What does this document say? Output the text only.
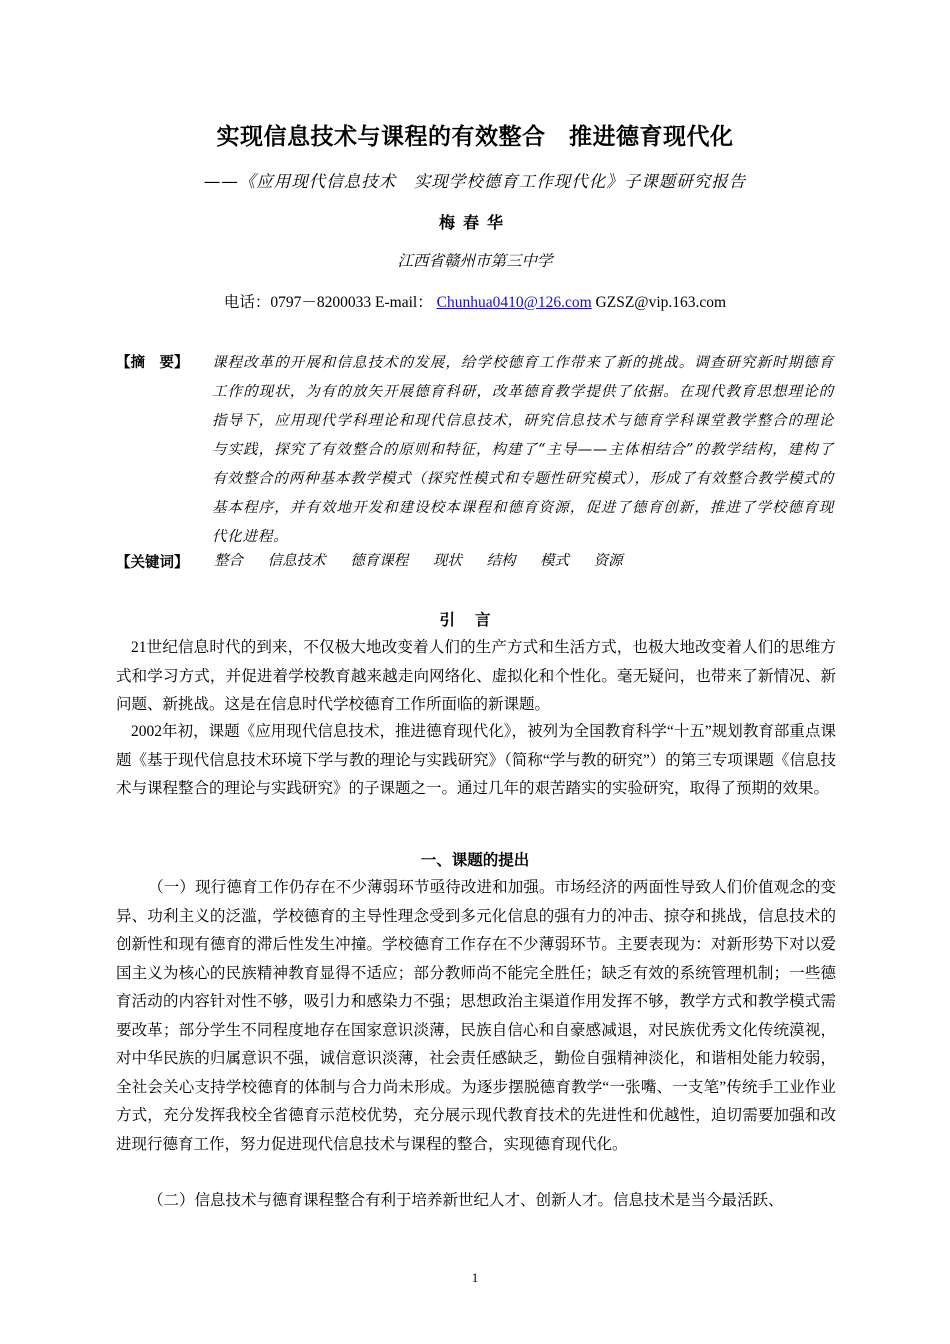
实现信息技术与课程的有效整合　推进德育现代化
——《应用现代信息技术　实现学校德育工作现代化》子课题研究报告
梅春华
江西省赣州市第三中学
电话：0797－8200033 E-mail： Chunhua0410@126.com GZSZ@vip.163.com
【摘　要】 课程改革的开展和信息技术的发展，给学校德育工作带来了新的挑战。调查研究新时期德育工作的现状，为有的放矢开展德育科研，改革德育教学提供了依据。在现代教育思想理论的指导下，应用现代学科理论和现代信息技术，研究信息技术与德育学科课堂教学整合的理论与实践，探究了有效整合的原则和特征，构建了“主导——主体相结合”的教学结构，建构了有效整合的两种基本教学模式（探究性模式和专题性研究模式），形成了有效整合教学模式的基本程序，并有效地开发和建设校本课程和德育资源，促进了德育创新，推进了学校德育现代化进程。
【关键词】 整合 信息技术 德育课程 现状 结构 模式 资源
引言
21世纪信息时代的到来，不仅极大地改变着人们的生产方式和生活方式，也极大地改变着人们的思维方式和学习方式，并促进着学校教育越来越走向网络化、虚拟化和个性化。毫无疑问，也带来了新情况、新问题、新挑战。这是在信息时代学校德育工作所面临的新课题。
2002年初，课题《应用现代信息技术，推进德育现代化》，被列为全国教育科学“十五”规划教育部重点课题《基于现代信息技术环境下学与教的理论与实践研究》（简称“学与教的研究”）的第三专项课题《信息技术与课程整合的理论与实践研究》的子课题之一。通过几年的艰苦踏实的实验研究，取得了预期的效果。
一、课题的提出
（一）现行德育工作仍存在不少薄弱环节亟待改进和加强。市场经济的两面性导致人们价值观念的变异、功利主义的泛滥，学校德育的主导性理念受到多元化信息的强有力的冲击、掠夺和挑战，信息技术的创新性和现有德育的滞后性发生冲撞。学校德育工作存在不少薄弱环节。主要表现为：对新形势下对以爱国主义为核心的民族精神教育显得不适应；部分教师尚不能完全胜任；缺乏有效的系统管理机制；一些德育活动的内容针对性不够，吸引力和感染力不强；思想政治主渠道作用发挥不够，教学方式和教学模式需要改革；部分学生不同程度地存在国家意识淡薄，民族自信心和自豪感减退，对民族优秀文化传统漠视，对中华民族的归属意识不强，诚信意识淡薄，社会责任感缺乏，勤俭自强精神淡化，和谐相处能力较弱，全社会关心支持学校德育的体制与合力尚未形成。为逐步摆脱德育教学“一张嘴、一支笔”传统手工业作业方式，充分发挥我校全省德育示范校优势，充分展示现代教育技术的先进性和优越性，迫切需要加强和改进现行德育工作，努力促进现代信息技术与课程的整合，实现德育现代化。
（二）信息技术与德育课程整合有利于培养新世纪人才、创新人才。信息技术是当今最活跃、
1
